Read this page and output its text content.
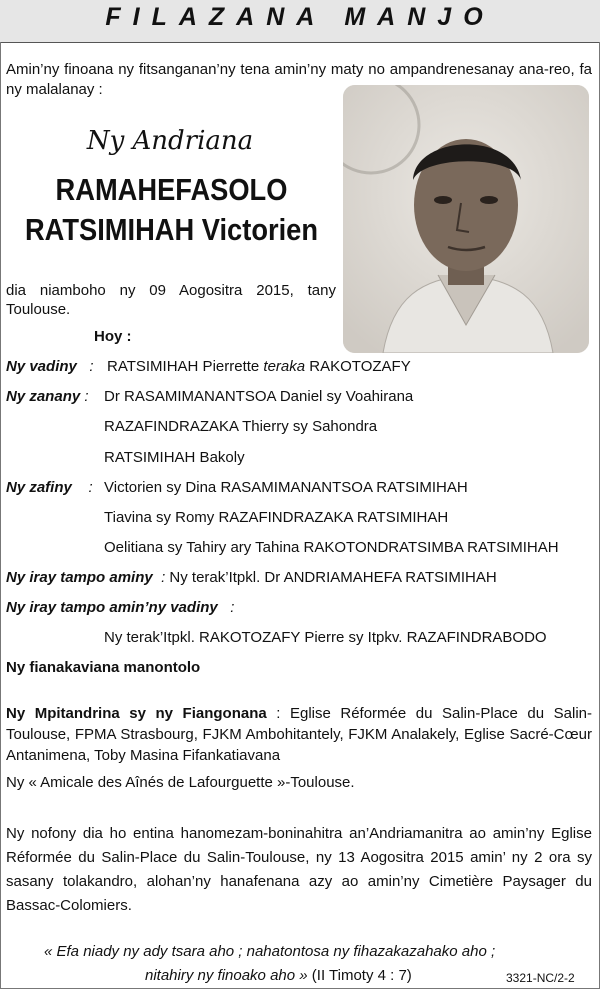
FILAZANA MANJO
Amin’ny finoana ny fitsanganan’ny tena amin’ny maty no ampandrenesanay ana-reo, fa ny malalanay :
Ny Andriana
RAMAHEFASOLO
RATSIMIHAH Victorien
dia niamboho ny 09 Aogositra 2015, tany Toulouse.
Hoy :
Ny vadiny : RATSIMIHAH Pierrette teraka RAKOTOZAFY
Ny zanany : Dr RASAMIMANANTSOA Daniel sy Voahirana
RAZAFINDRAZAKA Thierry sy Sahondra
RATSIMIHAH Bakoly
Ny zafiny : Victorien sy Dina RASAMIMANANTSOA RATSIMIHAH
Tiavina sy Romy RAZAFINDRAZAKA RATSIMIHAH
Oelitiana sy Tahiry ary Tahina RAKOTONDRATSIMBA RATSIMIHAH
Ny iray tampo aminy : Ny terak’Itpkl. Dr ANDRIAMAHEFA RATSIMIHAH
Ny iray tampo amin’ny vadiny :
Ny terak’Itpkl. RAKOTOZAFY Pierre sy Itpkv. RAZAFINDRABODO
Ny fianakaviana manontolo
Ny Mpitandrina sy ny Fiangonana : Eglise Réformée du Salin-Place du Salin-Toulouse, FPMA Strasbourg, FJKM Ambohitantely, FJKM Analakely, Eglise Sacré-Cœur Antanimena, Toby Masina Fifankatiavana
Ny « Amicale des Aînés de Lafourguette »-Toulouse.
Ny nofony dia ho entina hanomezam-boninahitra an’Andriamanitra ao amin’ny Eglise Réformée du Salin-Place du Salin-Toulouse, ny 13 Aogositra 2015 amin’ ny 2 ora sy sasany tolakandro, alohan’ny hanafenana azy ao amin’ny Cimetière Paysager du Bassac-Colomiers.
« Efa niady ny ady tsara aho ; nahatontosa ny fihazakazahako aho ;
nitahiry ny finoako aho » (II Timoty 4 : 7)	3321-NC/2-2
